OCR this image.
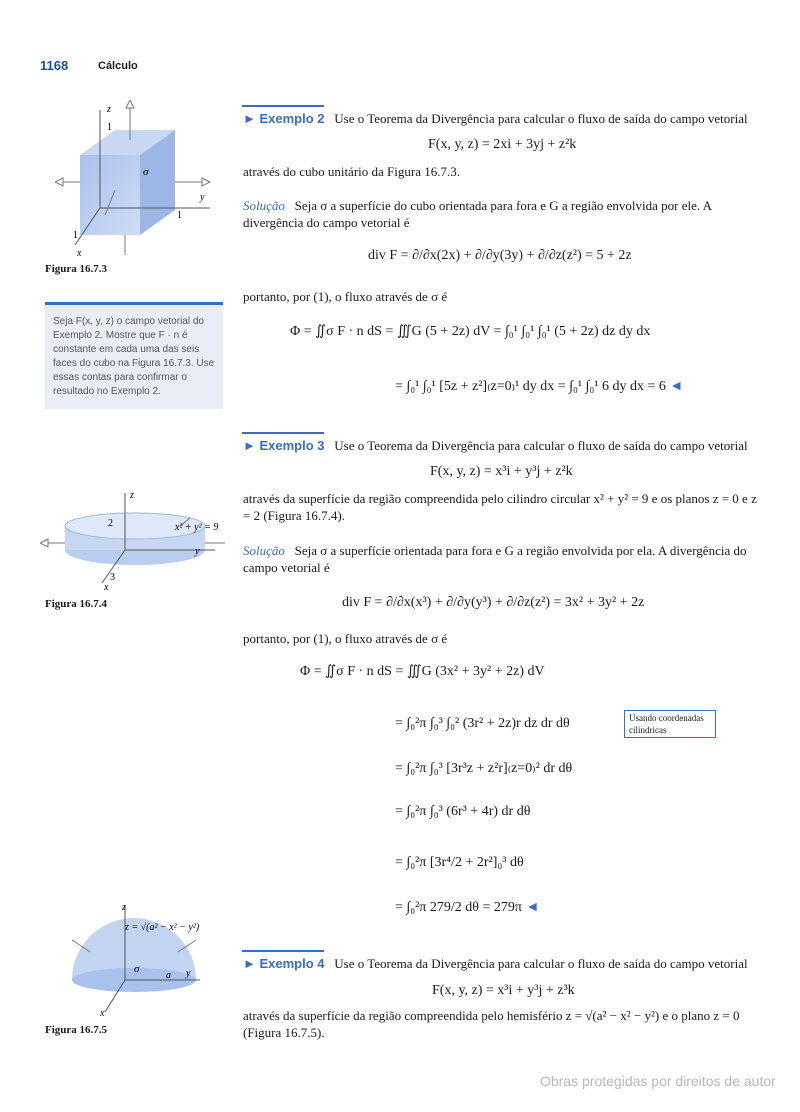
1168	Cálculo
z
1
y
1
1
x
σ
Figura 16.7.3
Seja F(x, y, z) o campo vetorial do Exemplo 2. Mostre que F · n é constante em cada uma das seis faces do cubo na Figura 16.7.3. Use essas contas para confirmar o resultado no Exemplo 2.
z
2	x² + y² = 9
y
3
x
Figura 16.7.4
z
z = √(a² − x² − y²)
σ
a y
x
Figura 16.7.5
► Exemplo 2 Use o Teorema da Divergência para calcular o fluxo de saída do campo vetorial
F(x, y, z) = 2xi + 3yj + z²k
através do cubo unitário da Figura 16.7.3.
Solução Seja σ a superfície do cubo orientada para fora e G a região envolvida por ele. A divergência do campo vetorial é
div F = ∂/∂x(2x) + ∂/∂y(3y) + ∂/∂z(z²) = 5 + 2z
portanto, por (1), o fluxo através de σ é
Φ = ∬σ F · n dS = ∭G (5 + 2z) dV = ∫₀¹ ∫₀¹ ∫₀¹ (5 + 2z) dz dy dx
= ∫₀¹ ∫₀¹ [5z + z²]₍z=0₎¹ dy dx = ∫₀¹ ∫₀¹ 6 dy dx = 6 ◄
► Exemplo 3 Use o Teorema da Divergência para calcular o fluxo de saída do campo vetorial
F(x, y, z) = x³i + y³j + z²k
através da superfície da região compreendida pelo cilindro circular x² + y² = 9 e os planos z = 0 e z = 2 (Figura 16.7.4).
Solução Seja σ a superfície orientada para fora e G a região envolvida por ela. A divergência do campo vetorial é
div F = ∂/∂x(x³) + ∂/∂y(y³) + ∂/∂z(z²) = 3x² + 3y² + 2z
portanto, por (1), o fluxo através de σ é
Φ = ∬σ F · n dS = ∭G (3x² + 3y² + 2z) dV
= ∫₀²π ∫₀³ ∫₀² (3r² + 2z)r dz dr dθ
= ∫₀²π ∫₀³ [3r³z + z²r]₍z=0₎² dr dθ
= ∫₀²π ∫₀³ (6r³ + 4r) dr dθ
= ∫₀²π [3r⁴/2 + 2r²]₀³ dθ
= ∫₀²π 279/2 dθ = 279π ◄
Usando coordenadas cilíndricas
► Exemplo 4 Use o Teorema da Divergência para calcular o fluxo de saída do campo vetorial
F(x, y, z) = x³i + y³j + z³k
através da superfície da região compreendida pelo hemisfério z = √(a² − x² − y²) e o plano z = 0 (Figura 16.7.5).
Obras protegidas por direitos de autor
